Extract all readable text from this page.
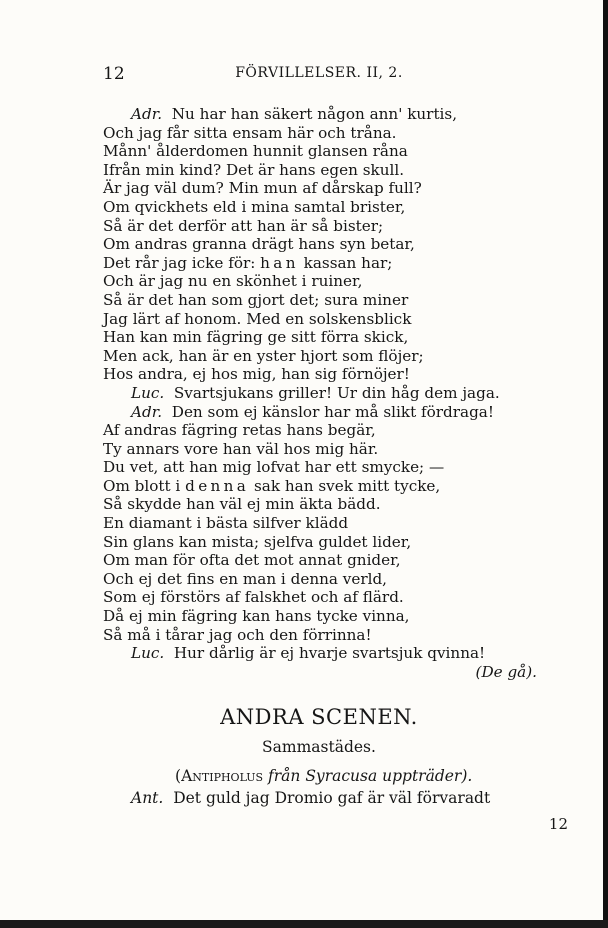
12	FÖRVILLELSER. II, 2.
Adr. Nu har han säkert någon ann' kurtis,
Och jag får sitta ensam här och tråna.
Månn' ålderdomen hunnit glansen råna
Ifrån min kind? Det är hans egen skull.
Är jag väl dum? Min mun af dårskap full?
Om qvickhets eld i mina samtal brister,
Så är det derför att han är så bister;
Om andras granna drägt hans syn betar,
Det rår jag icke för: han kassan har;
Och är jag nu en skönhet i ruiner,
Så är det han som gjort det; sura miner
Jag lärt af honom. Med en solskensblick
Han kan min fägring ge sitt förra skick,
Men ack, han är en yster hjort som flöjer;
Hos andra, ej hos mig, han sig förnöjer!
Luc. Svartsjukans griller! Ur din håg dem jaga.
Adr. Den som ej känslor har må slikt fördraga!
Af andras fägring retas hans begär,
Ty annars vore han väl hos mig här.
Du vet, att han mig lofvat har ett smycke; —
Om blott i denna sak han svek mitt tycke,
Så skydde han väl ej min äkta bädd.
En diamant i bästa silfver klädd
Sin glans kan mista; sjelfva guldet lider,
Om man för ofta det mot annat gnider,
Och ej det fins en man i denna verld,
Som ej förstörs af falskhet och af flärd.
Då ej min fägring kan hans tycke vinna,
Så må i tårar jag och den förrinna!
Luc. Hur dårlig är ej hvarje svartsjuk qvinna!
(De gå).
ANDRA SCENEN.
Sammastädes.
(Antipholus från Syracusa uppträder).
Ant. Det guld jag Dromio gaf är väl förvaradt
12
